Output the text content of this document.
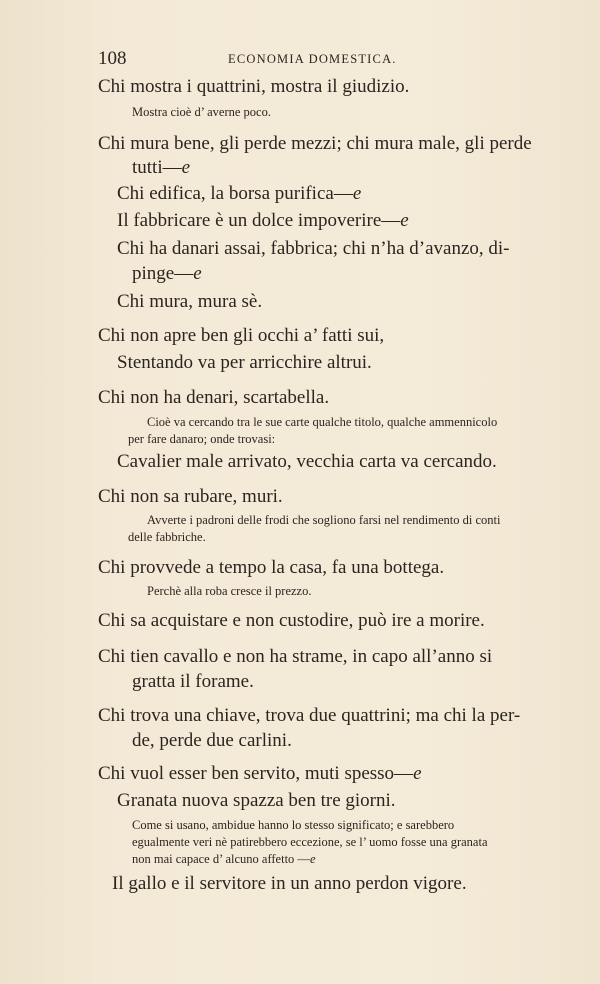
108	ECONOMIA DOMESTICA.
Chi mostra i quattrini, mostra il giudizio.
Mostra cioè d’ averne poco.
Chi mura bene, gli perde mezzi; chi mura male, gli perde
tutti—e
Chi edifica, la borsa purifica—e
Il fabbricare è un dolce impoverire—e
Chi ha danari assai, fabbrica; chi n’ha d’avanzo, di-
pinge—e
Chi mura, mura sè.
Chi non apre ben gli occhi a’ fatti sui,
Stentando va per arricchire altrui.
Chi non ha denari, scartabella.
Cioè va cercando tra le sue carte qualche titolo, qualche ammennicolo
per fare danaro; onde trovasi:
Cavalier male arrivato, vecchia carta va cercando.
Chi non sa rubare, muri.
Avverte i padroni delle frodi che sogliono farsi nel rendimento di conti
delle fabbriche.
Chi provvede a tempo la casa, fa una bottega.
Perchè alla roba cresce il prezzo.
Chi sa acquistare e non custodire, può ire a morire.
Chi tien cavallo e non ha strame, in capo all’anno si
gratta il forame.
Chi trova una chiave, trova due quattrini; ma chi la per-
de, perde due carlini.
Chi vuol esser ben servito, muti spesso—e
Granata nuova spazza ben tre giorni.
Come si usano, ambidue hanno lo stesso significato; e sarebbero
egualmente veri nè patirebbero eccezione, se l’ uomo fosse una granata
non mai capace d’ alcuno affetto —e
Il gallo e il servitore in un anno perdon vigore.
